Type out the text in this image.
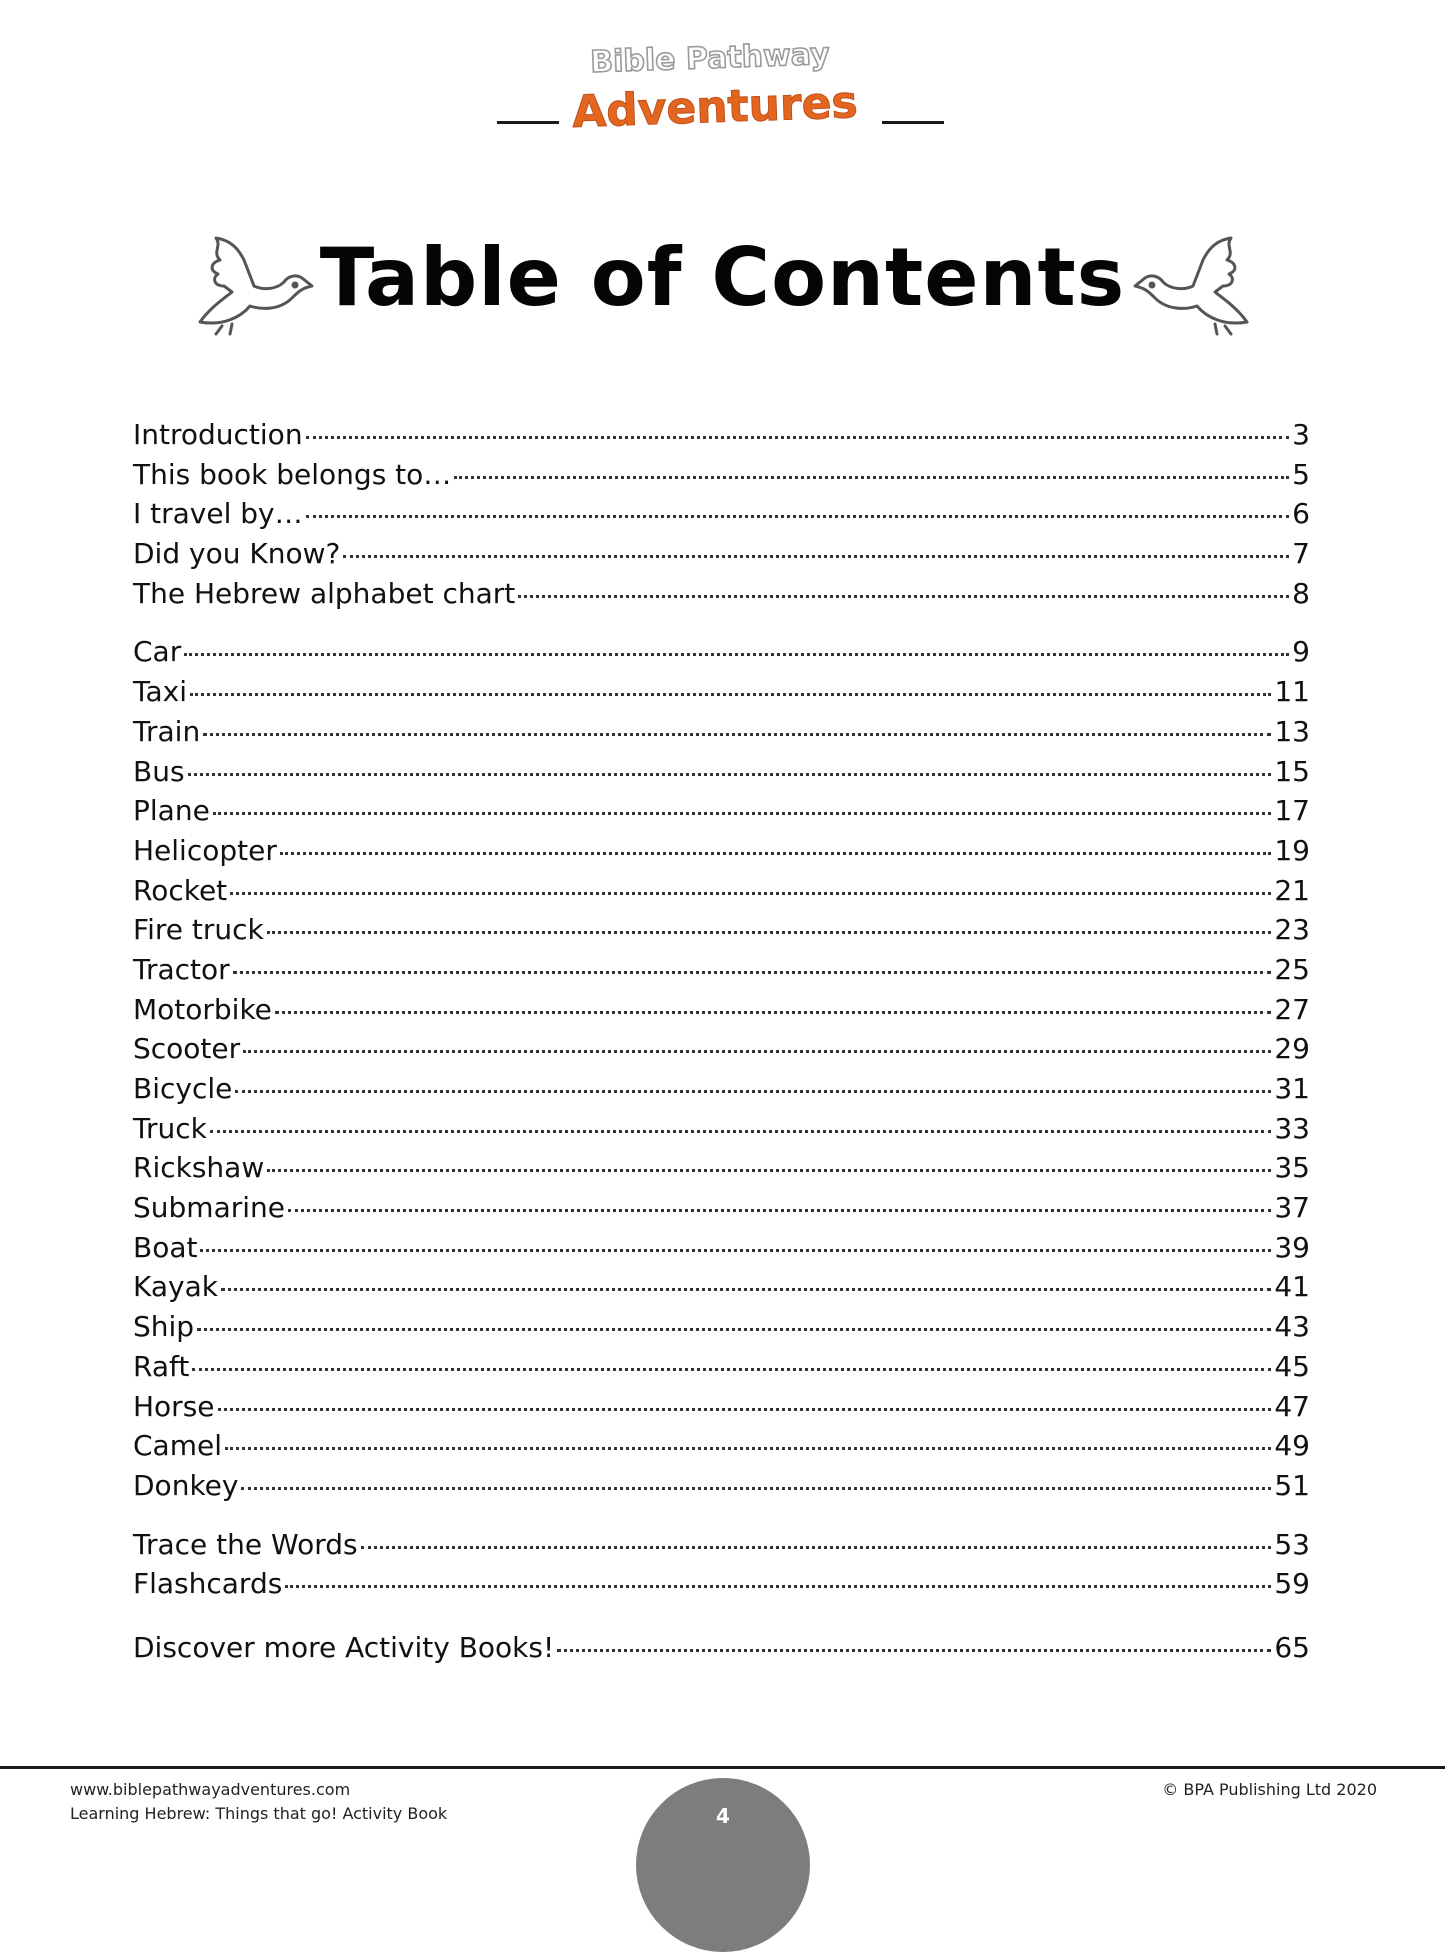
Bible Pathway
Adventures
Table of Contents
Introduction	3
This book belongs to…	5
I travel by…	6
Did you Know?	7
The Hebrew alphabet chart	8
Car	9
Taxi	11
Train	13
Bus	15
Plane	17
Helicopter	19
Rocket	21
Fire truck	23
Tractor	25
Motorbike	27
Scooter	29
Bicycle	31
Truck	33
Rickshaw	35
Submarine	37
Boat	39
Kayak	41
Ship	43
Raft	45
Horse	47
Camel	49
Donkey	51
Trace the Words	53
Flashcards	59
Discover more Activity Books!	65
www.biblepathwayadventures.com
Learning Hebrew: Things that go! Activity Book
© BPA Publishing Ltd 2020
4
